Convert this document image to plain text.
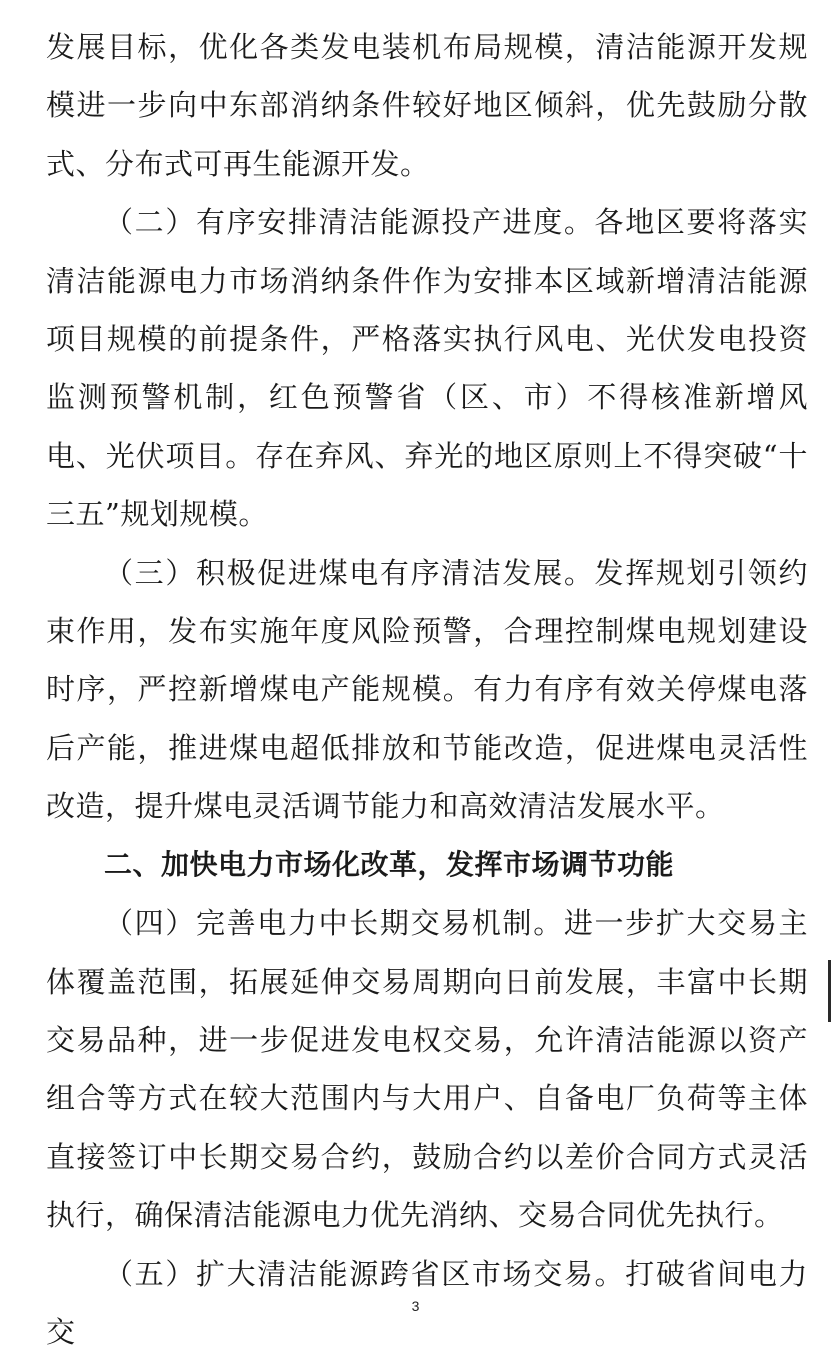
发展目标，优化各类发电装机布局规模，清洁能源开发规模进一步向中东部消纳条件较好地区倾斜，优先鼓励分散式、分布式可再生能源开发。

（二）有序安排清洁能源投产进度。各地区要将落实清洁能源电力市场消纳条件作为安排本区域新增清洁能源项目规模的前提条件，严格落实执行风电、光伏发电投资监测预警机制，红色预警省（区、市）不得核准新增风电、光伏项目。存在弃风、弃光的地区原则上不得突破“十三五”规划规模。

（三）积极促进煤电有序清洁发展。发挥规划引领约束作用，发布实施年度风险预警，合理控制煤电规划建设时序，严控新增煤电产能规模。有力有序有效关停煤电落后产能，推进煤电超低排放和节能改造，促进煤电灵活性改造，提升煤电灵活调节能力和高效清洁发展水平。

二、加快电力市场化改革，发挥市场调节功能

（四）完善电力中长期交易机制。进一步扩大交易主体覆盖范围，拓展延伸交易周期向日前发展，丰富中长期交易品种，进一步促进发电权交易，允许清洁能源以资产组合等方式在较大范围内与大用户、自备电厂负荷等主体直接签订中长期交易合约，鼓励合约以差价合同方式灵活执行，确保清洁能源电力优先消纳、交易合同优先执行。

（五）扩大清洁能源跨省区市场交易。打破省间电力交

3
